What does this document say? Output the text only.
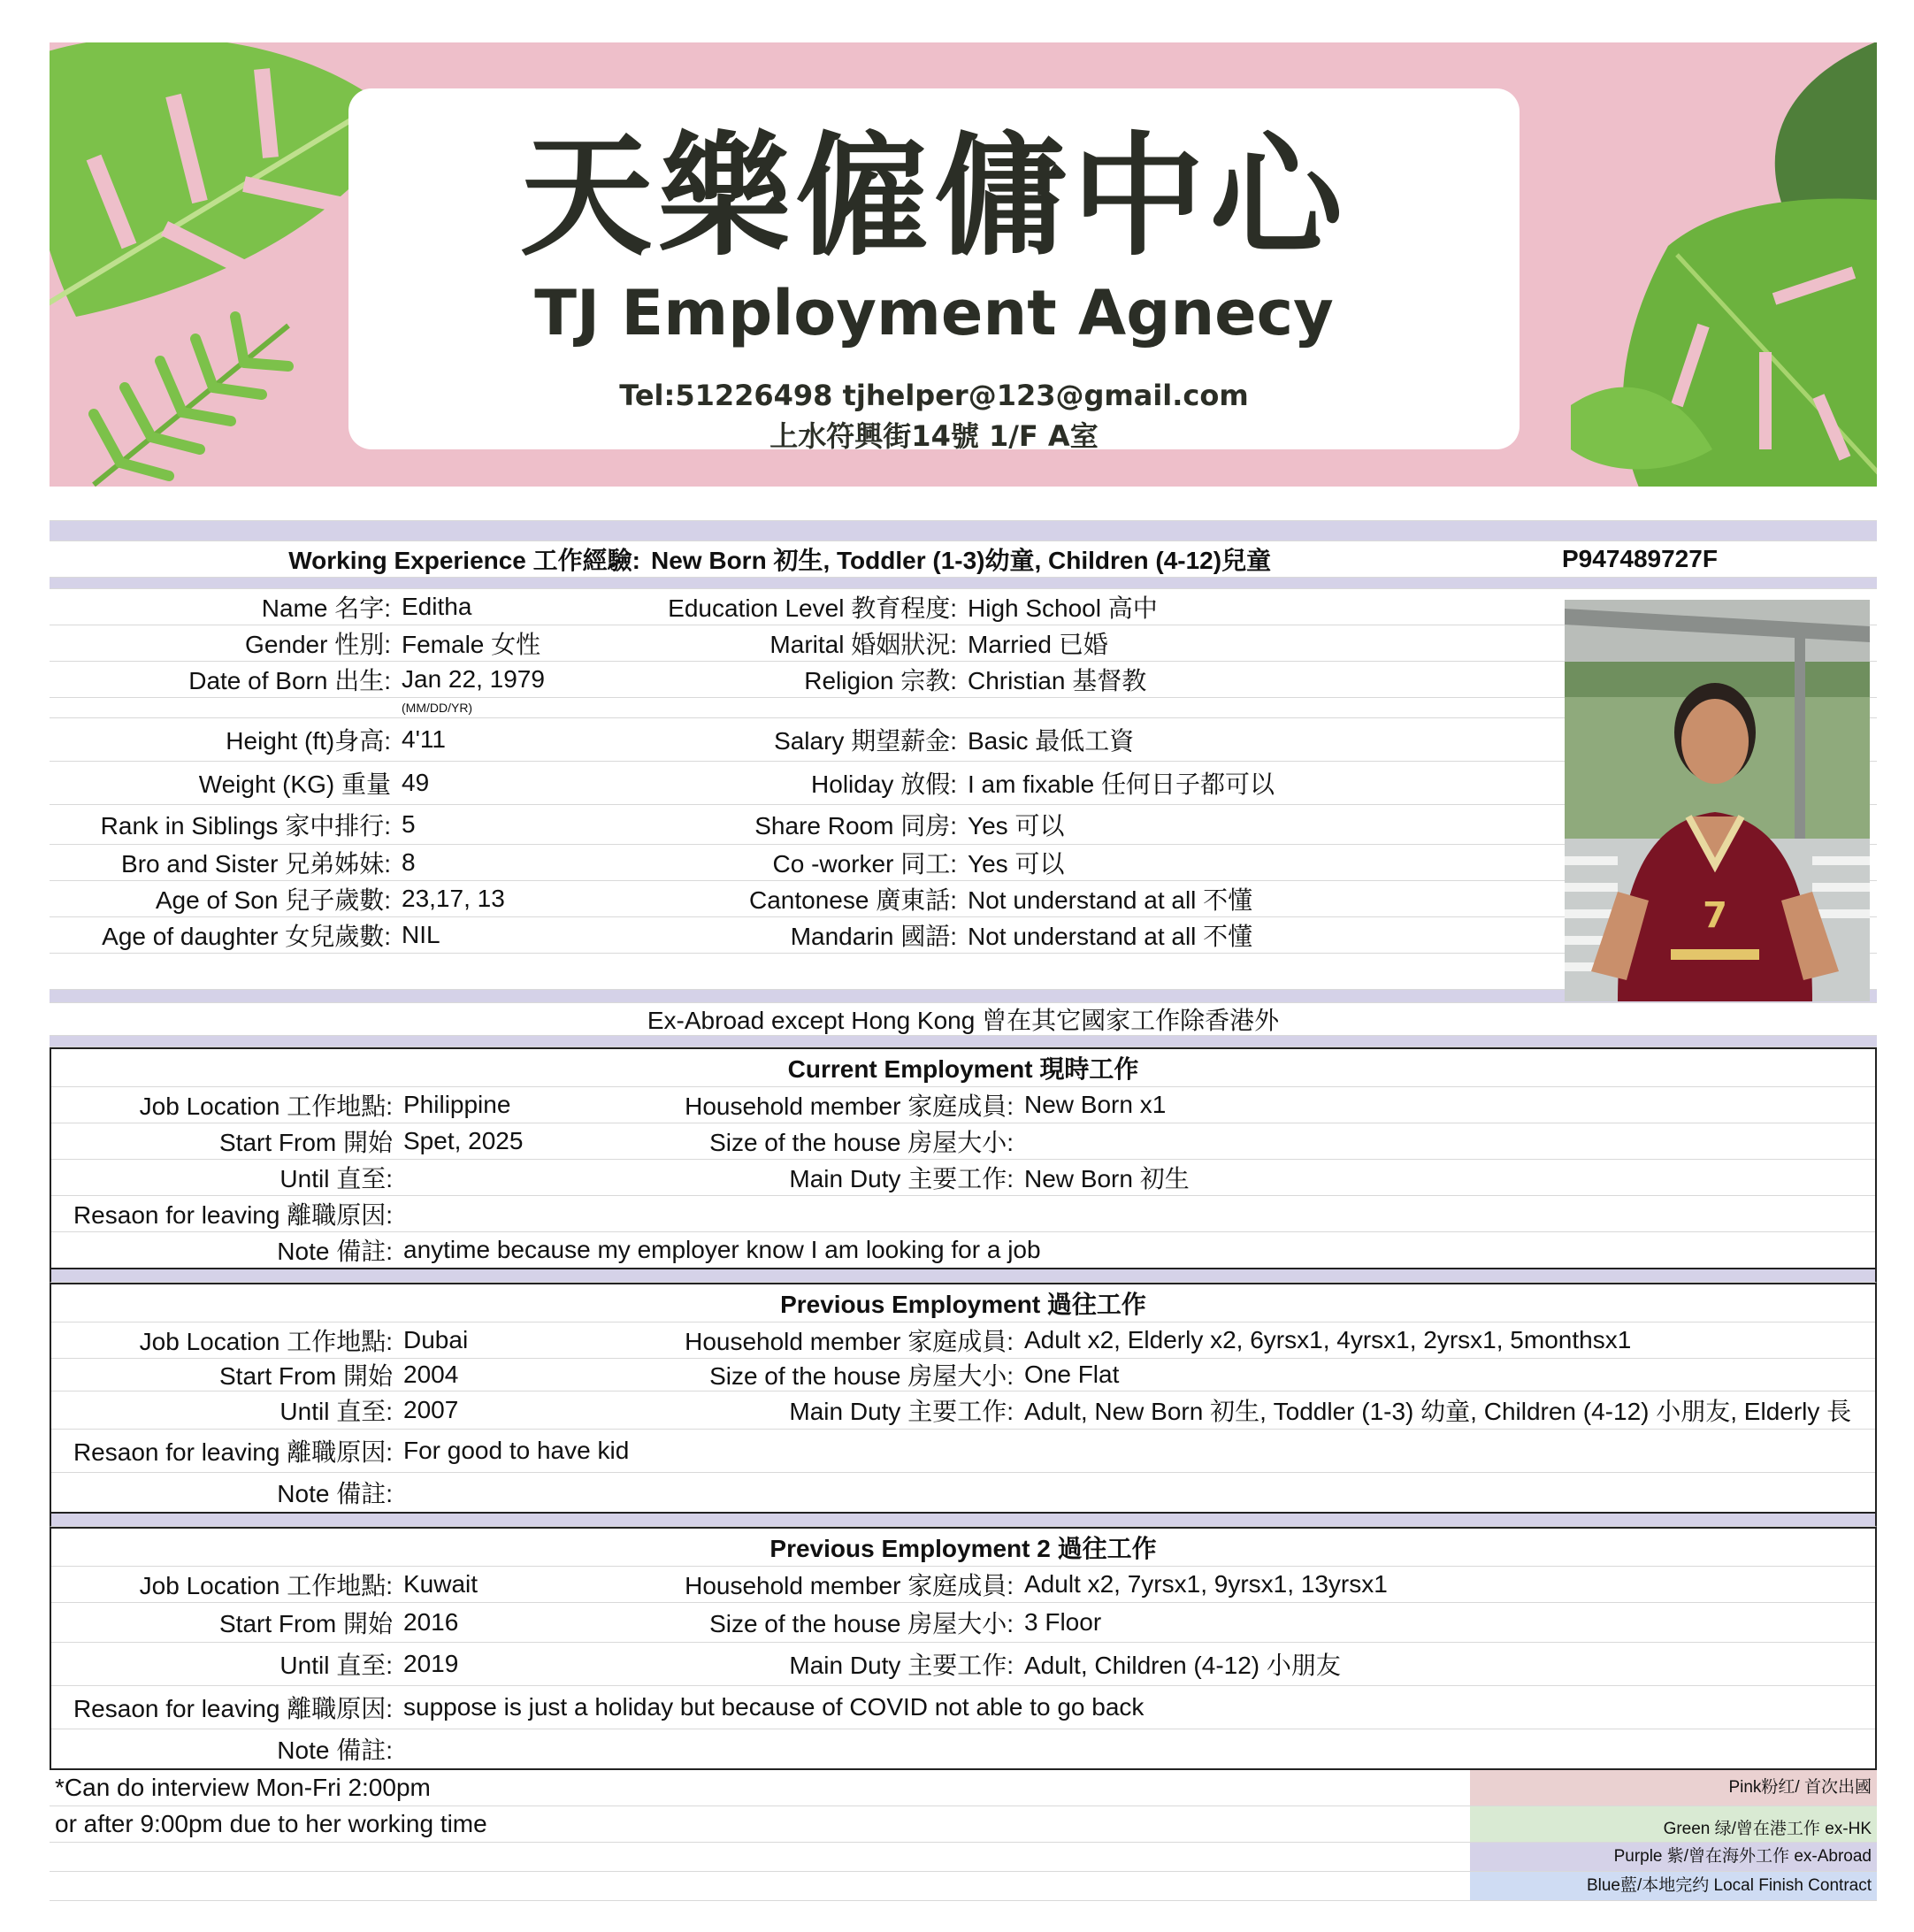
天樂僱傭中心
TJ Employment Agnecy
Tel:51226498 tjhelper@123@gmail.com
上水符興街14號 1/F A室
Working Experience 工作經驗: New Born 初生, Toddler (1-3)幼童, Children (4-12)兒童	P947489727F
Name 名字: Editha	Education Level 教育程度: High School 高中
Gender 性別: Female 女性	Marital 婚姻狀況: Married 已婚
Date of Born 出生: Jan 22, 1979	Religion 宗教: Christian 基督教
(MM/DD/YR)
Height (ft)身高: 4'11	Salary 期望薪金: Basic 最低工資
Weight (KG) 重量 49	Holiday 放假: I am fixable 任何日子都可以
Rank in Siblings 家中排行: 5	Share Room 同房: Yes 可以
Bro and Sister 兄弟姊妹: 8	Co -worker 同工: Yes 可以
Age of Son 兒子歲數: 23,17, 13	Cantonese 廣東話: Not understand at all 不懂
Age of daughter 女兒歲數: NIL	Mandarin 國語: Not understand at all 不懂
Ex-Abroad except Hong Kong 曾在其它國家工作除香港外
Current Employment 現時工作
Job Location 工作地點: Philippine	Household member 家庭成員: New Born x1
Start From 開始 Spet, 2025	Size of the house 房屋大小:
Until 直至:	Main Duty 主要工作: New Born 初生
Resaon for leaving 離職原因:
Note 備註: anytime because my employer know I am looking for a job
Previous Employment 過往工作
Job Location 工作地點: Dubai	Household member 家庭成員: Adult x2, Elderly x2, 6yrsx1, 4yrsx1, 2yrsx1, 5monthsx1
Start From 開始 2004	Size of the house 房屋大小: One Flat
Until 直至: 2007	Main Duty 主要工作: Adult, New Born 初生, Toddler (1-3) 幼童, Children (4-12) 小朋友, Elderly 長
Resaon for leaving 離職原因: For good to have kid
Note 備註:
Previous Employment 2 過往工作
Job Location 工作地點: Kuwait	Household member 家庭成員: Adult x2, 7yrsx1, 9yrsx1, 13yrsx1
Start From 開始 2016	Size of the house 房屋大小: 3 Floor
Until 直至: 2019	Main Duty 主要工作: Adult, Children (4-12) 小朋友
Resaon for leaving 離職原因: suppose is just a holiday but because of COVID not able to go back
Note 備註:
*Can do interview Mon-Fri 2:00pm	Pink粉红/ 首次出國
or after 9:00pm due to her working time	Green 绿/曾在港工作 ex-HK
Purple 紫/曾在海外工作 ex-Abroad
Blue藍/本地完约 Local Finish Contract
7
